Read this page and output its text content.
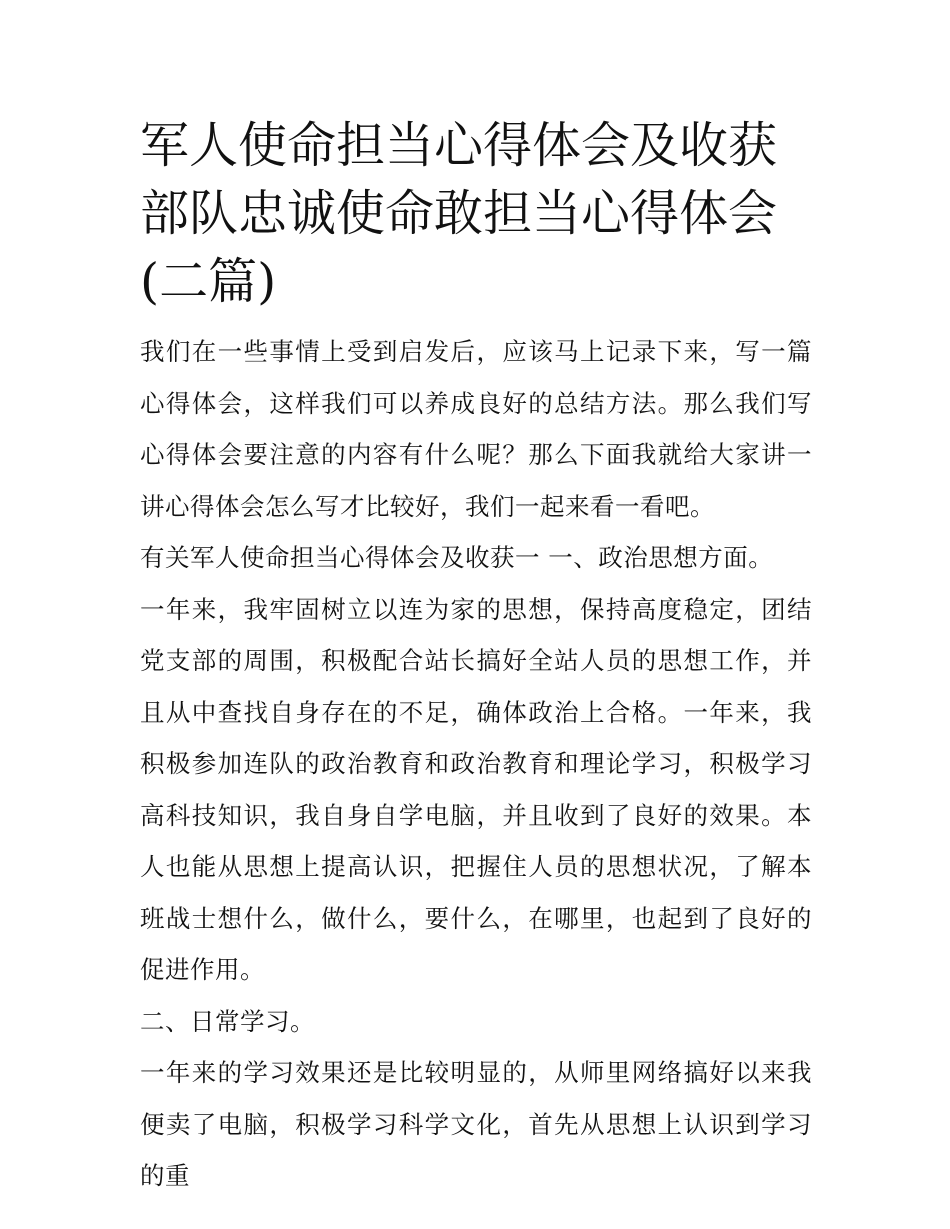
军人使命担当心得体会及收获部队忠诚使命敢担当心得体会(二篇)

我们在一些事情上受到启发后，应该马上记录下来，写一篇心得体会，这样我们可以养成良好的总结方法。那么我们写心得体会要注意的内容有什么呢？那么下面我就给大家讲一讲心得体会怎么写才比较好，我们一起来看一看吧。

有关军人使命担当心得体会及收获一 一、政治思想方面。

一年来，我牢固树立以连为家的思想，保持高度稳定，团结党支部的周围，积极配合站长搞好全站人员的思想工作，并且从中查找自身存在的不足，确体政治上合格。一年来，我积极参加连队的政治教育和政治教育和理论学习，积极学习高科技知识，我自身自学电脑，并且收到了良好的效果。本人也能从思想上提高认识，把握住人员的思想状况，了解本班战士想什么，做什么，要什么，在哪里，也起到了良好的促进作用。

二、日常学习。

一年来的学习效果还是比较明显的，从师里网络搞好以来我便卖了电脑，积极学习科学文化，首先从思想上认识到学习的重
